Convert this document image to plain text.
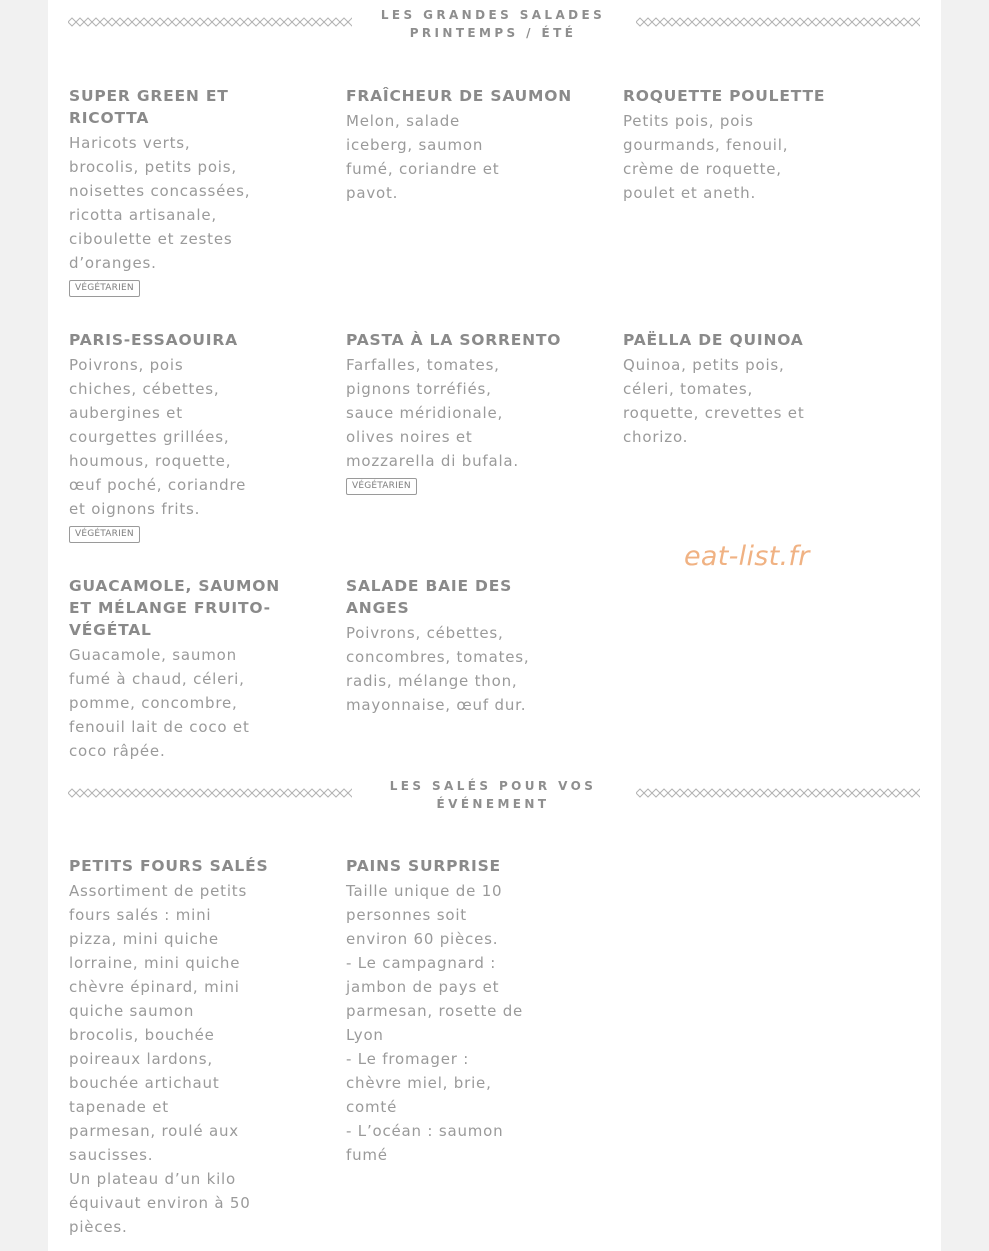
LES GRANDES SALADES PRINTEMPS / ÉTÉ
SUPER GREEN ET RICOTTA
Haricots verts,
brocolis, petits pois,
noisettes concassées,
ricotta artisanale,
ciboulette et zestes
d’oranges.
VÉGÉTARIEN
FRAÎCHEUR DE SAUMON
Melon, salade
iceberg, saumon
fumé, coriandre et
pavot.
ROQUETTE POULETTE
Petits pois, pois
gourmands, fenouil,
crème de roquette,
poulet et aneth.
PARIS-ESSAOUIRA
Poivrons, pois
chiches, cébettes,
aubergines et
courgettes grillées,
houmous, roquette,
œuf poché, coriandre
et oignons frits.
VÉGÉTARIEN
PASTA À LA SORRENTO
Farfalles, tomates,
pignons torréfiés,
sauce méridionale,
olives noires et
mozzarella di bufala.
VÉGÉTARIEN
PAËLLA DE QUINOA
Quinoa, petits pois,
céleri, tomates,
roquette, crevettes et
chorizo.
GUACAMOLE, SAUMON ET MÉLANGE FRUITO-VÉGÉTAL
Guacamole, saumon
fumé à chaud, céleri,
pomme, concombre,
fenouil lait de coco et
coco râpée.
SALADE BAIE DES ANGES
Poivrons, cébettes,
concombres, tomates,
radis, mélange thon,
mayonnaise, œuf dur.
LES SALÉS POUR VOS ÉVÉNEMENT
PETITS FOURS SALÉS
Assortiment de petits
fours salés : mini
pizza, mini quiche
lorraine, mini quiche
chèvre épinard, mini
quiche saumon
brocolis, bouchée
poireaux lardons,
bouchée artichaut
tapenade et
parmesan, roulé aux
saucisses.
Un plateau d’un kilo
équivaut environ à 50
pièces.
PAINS SURPRISE
Taille unique de 10
personnes soit
environ 60 pièces.
- Le campagnard :
jambon de pays et
parmesan, rosette de
Lyon
- Le fromager :
chèvre miel, brie,
comté
- L’océan : saumon
fumé
eat-list.fr
